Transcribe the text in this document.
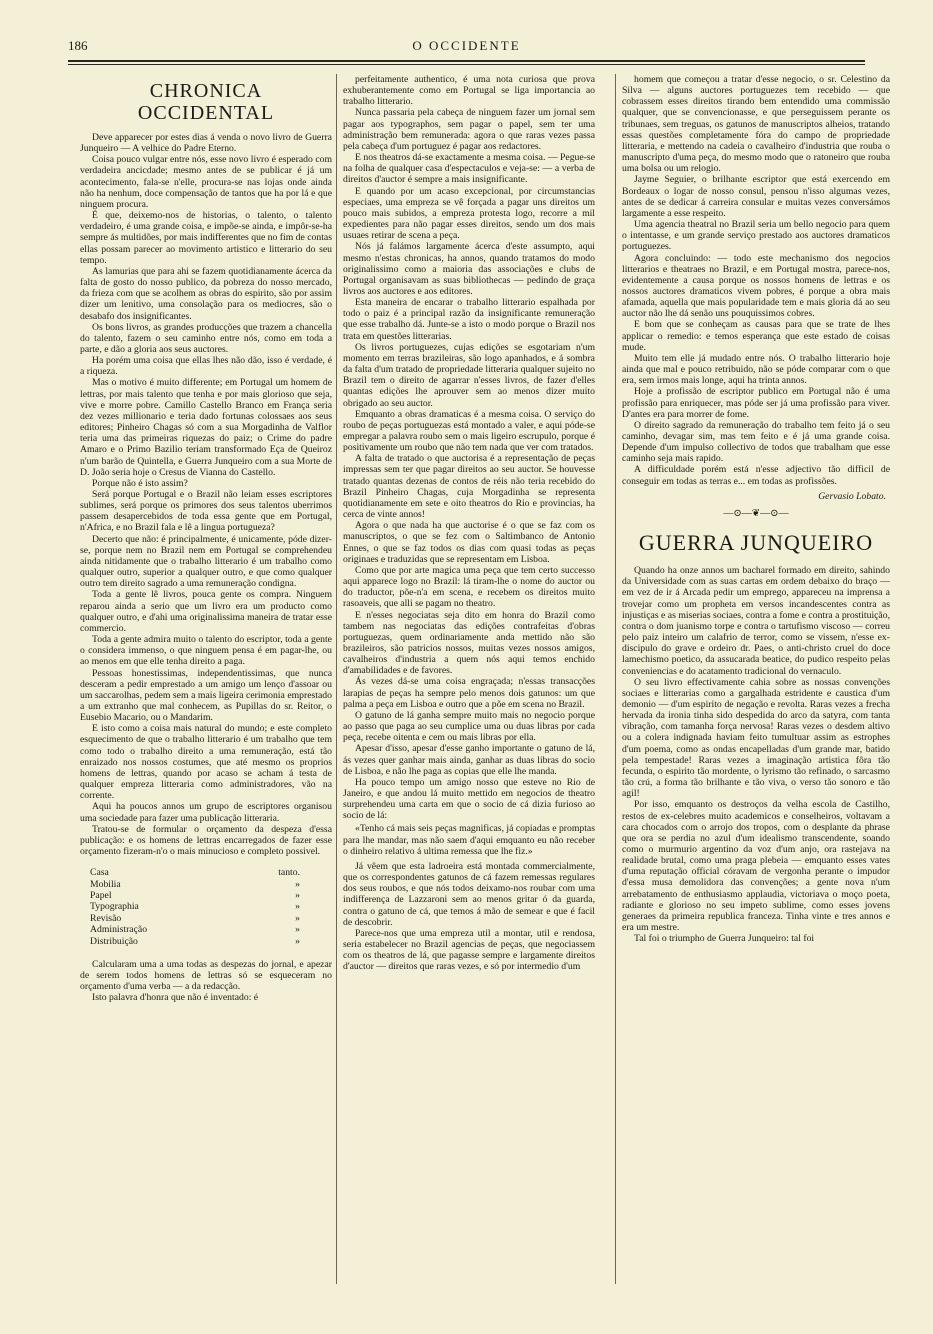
186	O OCCIDENTE
CHRONICA OCCIDENTAL

Deve apparecer por estes dias á venda o novo livro de Guerra Junqueiro — A velhice do Padre Eterno.

Coisa pouco vulgar entre nós, esse novo livro é esperado com verdadeira ancicdade; mesmo antes de se publicar é já um acontecimento, fala-se n'elle, procura-se nas lojas onde ainda não ha nenhum, doce compensação de tantos que ha por lá e que ninguem procura.

É que, deixemo-nos de historias, o talento, o talento verdadeiro, é uma grande coisa, e impõe-se ainda, e impôr-se-ha sempre ás multidões, por mais indifferentes que no fim de contas ellas possam parecer ao movimento artistico e litterario do seu tempo.

As lamurias que para ahi se fazem quotidianamente ácerca da falta de gosto do nosso publico, da pobreza do nosso mercado, da frieza com que se acolhem as obras do espirito, são por assim dizer um lenitivo, uma consolação para os mediocres, são o desabafo dos insignificantes.

Os bons livros, as grandes producções que trazem a chancella do talento, fazem o seu caminho entre nós, como em toda a parte, e dão a gloria aos seus auctores.

Ha porém uma coisa que ellas lhes não dão, isso é verdade, é a riqueza.

Mas o motivo é muito differente; em Portugal um homem de lettras, por mais talento que tenha e por mais glorioso que seja, vive e morre pobre. Camillo Castello Branco em França seria dez vezes millionario e teria dado fortunas colossaes aos seus editores; Pinheiro Chagas só com a sua Morgadinha de Valflor teria uma das primeiras riquezas do paiz; o Crime do padre Amaro e o Primo Bazilio teriam transformado Eça de Queiroz n'um barão de Quintella, e Guerra Junqueiro com a sua Morte de D. João seria hoje o Cresus de Vianna do Castello.

Porque não é isto assim?

Será porque Portugal e o Brazil não leiam esses escriptores sublimes, será porque os primores dos seus talentos uberrimos passem desapercebidos de toda essa gente que em Portugal, n'Africa, e no Brazil fala e lê a lingua portugueza?

Decerto que não: é principalmente, é unicamente, póde dizer-se, porque nem no Brazil nem em Portugal se comprehendeu ainda nitidamente que o trabalho litterario é um trabalho como qualquer outro, superior a qualquer outro, e que como qualquer outro tem direito sagrado a uma remuneração condigna.

Toda a gente lê livros, pouca gente os compra. Ninguem reparou ainda a serio que um livro era um producto como qualquer outro, e d'ahi uma originalissima maneira de tratar esse commercio.

Toda a gente admira muito o talento do escriptor, toda a gente o considera immenso, o que ninguem pensa é em pagar-lhe, ou ao menos em que elle tenha direito a paga.

Pessoas honestissimas, independentissimas, que nunca desceram a pedir emprestado a um amigo um lenço d'assoar ou um saccarolhas, pedem sem a mais ligeira cerimonia emprestado a um extranho que mal conhecem, as Pupillas do sr. Reitor, o Eusebio Macario, ou o Mandarim.

E isto como a coisa mais natural do mundo; e este completo esquecimento de que o trabalho litterario é um trabalho que tem como todo o trabalho direito a uma remuneração, está tão enraizado nos nossos costumes, que até mesmo os proprios homens de lettras, quando por acaso se acham á testa de qualquer empreza litteraria como administradores, vão na corrente.

Aqui ha poucos annos um grupo de escriptores organisou uma sociedade para fazer uma publicação litteraria.

Tratou-se de formular o orçamento da despeza d'essa publicação: e os homens de lettras encarregados de fazer esse orçamento fizeram-n'o o mais minucioso e completo possivel.

Casa	tanto.
Mobilia	»
Papel	»
Typographia	»
Revisão	»
Administração	»
Distribuição	»

Calcularam uma a uma todas as despezas do jornal, e apezar de serem todos homens de lettras só se esqueceram no orçamento d'uma verba — a da redacção.

Isto palavra d'honra que não é inventado: é

perfeitamente authentico, é uma nota curiosa que prova exhuberantemente como em Portugal se liga importancia ao trabalho litterario.

Nunca passaria pela cabeça de ninguem fazer um jornal sem pagar aos typographos, sem pagar o papel, sem ter uma administração bem remunerada: agora o que raras vezes passa pela cabeça d'um portuguez é pagar aos redactores.

E nos theatros dá-se exactamente a mesma coisa. — Pegue-se na folha de qualquer casa d'espectaculos e veja-se: — a verba de direitos d'auctor é sempre a mais insignificante.

E quando por um acaso excepcional, por circumstancias especiaes, uma empreza se vê forçada a pagar uns direitos um pouco mais subidos, a empreza protesta logo, recorre a mil expedientes para não pagar esses direitos, sendo um dos mais usuaes retirar de scena a peça.

Nós já falámos largamente ácerca d'este assumpto, aqui mesmo n'estas chronicas, ha annos, quando tratamos do modo originalissimo como a maioria das associações e clubs de Portugal organisavam as suas bibliothecas — pedindo de graça livros aos auctores e aos editores.

Esta maneira de encarar o trabalho litterario espalhada por todo o paiz é a principal razão da insignificante remuneração que esse trabalho dá. Junte-se a isto o modo porque o Brazil nos trata em questões litterarias.

Os livros portuguezes, cujas edições se esgotariam n'um momento em terras brazileiras, são logo apanhados, e á sombra da falta d'um tratado de propriedade litteraria qualquer sujeito no Brazil tem o direito de agarrar n'esses livros, de fazer d'elles quantas edições lhe aprouver sem ao menos dizer muito obrigado ao seu auctor.

Emquanto a obras dramaticas é a mesma coisa. O serviço do roubo de peças portuguezas está montado a valer, e aqui póde-se empregar a palavra roubo sem o mais ligeiro escrupulo, porque é positivamente um roubo que não tem nada que ver com tratados.

A falta de tratado o que auctorisa é a representação de peças impressas sem ter que pagar direitos ao seu auctor. Se houvesse tratado quantas dezenas de contos de réis não teria recebido do Brazil Pinheiro Chagas, cuja Morgadinha se representa quotidianamente em sete e oito theatros do Rio e provincias, ha cerca de vinte annos!

Agora o que nada ha que auctorise é o que se faz com os manuscriptos, o que se fez com o Saltimbanco de Antonio Ennes, o que se faz todos os dias com quasi todas as peças originaes e traduzidas que se representam em Lisboa.

Como que por arte magica uma peça que tem certo successo aqui apparece logo no Brazil: lá tiram-lhe o nome do auctor ou do traductor, põe-n'a em scena, e recebem os direitos muito rasoaveis, que alli se pagam no theatro.

E n'esses negociatas seja dito em honra do Brazil como tambem nas negociatas das edições contrafeitas d'obras portuguezas, quem ordinariamente anda mettido não são brazileiros, são patricios nossos, muitas vezes nossos amigos, cavalheiros d'industria a quem nós aqui temos enchido d'amabilidades e de favores.

Ás vezes dá-se uma coisa engraçada; n'essas transacções larapias de peças ha sempre pelo menos dois gatunos: um que palma a peça em Lisboa e outro que a põe em scena no Brazil.

O gatuno de lá ganha sempre muito mais no negocio porque ao passo que paga ao seu cumplice uma ou duas libras por cada peça, recebe oitenta e cem ou mais libras por ella.

Apesar d'isso, apesar d'esse ganho importante o gatuno de lá, ás vezes quer ganhar mais ainda, ganhar as duas libras do socio de Lisboa, e não lhe paga as copias que elle lhe manda.

Ha pouco tempo um amigo nosso que esteve no Rio de Janeiro, e que andou lá muito mettido em negocios de theatro surprehendeu uma carta em que o socio de cá dizia furioso ao socio de lá:

«Tenho cá mais seis peças magnificas, já copiadas e promptas para lhe mandar, mas não saem d'aqui emquanto eu não receber o dinheiro relativo á ultima remessa que lhe fiz.»

Já vêem que esta ladroeira está montada commercialmente, que os correspondentes gatunos de cá fazem remessas regulares dos seus roubos, e que nós todos deixamo-nos roubar com uma indifferença de Lazzaroni sem ao menos gritar ó da guarda, contra o gatuno de cá, que temos á mão de semear e que é facil de descobrir.

Parece-nos que uma empreza util a montar, util e rendosa, seria estabelecer no Brazil agencias de peças, que negociassem com os theatros de lá, que pagasse sempre e largamente direitos d'auctor — direitos que raras vezes, e só por intermedio d'um

homem que começou a tratar d'esse negocio, o sr. Celestino da Silva — alguns auctores portuguezes tem recebido — que cobrassem esses direitos tirando bem entendido uma commissão qualquer, que se convencionasse, e que perseguissem perante os tribunaes, sem treguas, os gatunos de manuscriptos alheios, tratando essas questões completamente fóra do campo de propriedade litteraria, e mettendo na cadeia o cavalheiro d'industria que rouba o manuscripto d'uma peça, do mesmo modo que o ratoneiro que rouba uma bolsa ou um relogio.

Jayme Seguier, o brilhante escriptor que está exercendo em Bordeaux o logar de nosso consul, pensou n'isso algumas vezes, antes de se dedicar á carreira consular e muitas vezes conversámos largamente a esse respeito.

Uma agencia theatral no Brazil seria um bello negocio para quem o intentasse, e um grande serviço prestado aos auctores dramaticos portuguezes.

Agora concluindo: — todo este mechanismo dos negocios litterarios e theatraes no Brazil, e em Portugal mostra, parece-nos, evidentemente a causa porque os nossos homens de lettras e os nossos auctores dramaticos vivem pobres, é porque a obra mais afamada, aquella que mais popularidade tem e mais gloria dá ao seu auctor não lhe dá senão uns pouquissimos cobres.

E bom que se conheçam as causas para que se trate de lhes applicar o remedio: e temos esperança que este estado de coisas mude.

Muito tem elle já mudado entre nós. O trabalho litterario hoje ainda que mal e pouco retribuido, não se póde comparar com o que era, sem irmos mais longe, aqui ha trinta annos.

Hoje a profissão de escriptor publico em Portugal não é uma profissão para enriquecer, mas póde ser já uma profissão para viver. D'antes era para morrer de fome.

O direito sagrado da remuneração do trabalho tem feito já o seu caminho, devagar sim, mas tem feito e é já uma grande coisa. Depende d'um impulso collectivo de todos que trabalham que esse caminho seja mais rapido.

A difficuldade porém está n'esse adjectivo tão difficil de conseguir em todas as terras e... em todas as profissões.

Gervasio Lobato.
—⊙—❦—⊙—
GUERRA JUNQUEIRO

Quando ha onze annos um bacharel formado em direito, sahindo da Universidade com as suas cartas em ordem debaixo do braço — em vez de ir á Arcada pedir um emprego, appareceu na imprensa a trovejar como um propheta em versos incandescentes contra as injustiças e as miserias sociaes, contra a fome e contra a prostituição, contra o dom juanismo torpe e contra o tartufismo viscoso — correu pelo paiz inteiro um calafrio de terror, como se vissem, n'esse ex-discipulo do grave e ordeiro dr. Paes, o anti-christo cruel do doce lamechismo poetico, da assucarada beatice, do pudico respeito pelas conveniencias e do acatamento tradicional do vernaculo.

O seu livro effectivamente cahia sobre as nossas convenções sociaes e litterarias como a gargalhada estridente e caustica d'um demonio — d'um espirito de negação e revolta. Raras vezes a frecha hervada da ironia tinha sido despedida do arco da satyra, com tanta vibração, com tamanha força nervosa! Raras vezes o desdem altivo ou a colera indignada haviam feito tumultuar assim as estrophes d'um poema, como as ondas encapelladas d'um grande mar, batido pela tempestade! Raras vezes a imaginação artistica fôra tão fecunda, o espirito tão mordente, o lyrismo tão refinado, o sarcasmo tão crú, a forma tão brilhante e tão viva, o verso tão sonoro e tão agil!

Por isso, emquanto os destroços da velha escola de Castilho, restos de ex-celebres muito academicos e conselheiros, voltavam a cara chocados com o arrojo dos tropos, com o desplante da phrase que ora se perdia no azul d'um idealismo transcendente, soando como o murmurio argentino da voz d'um anjo, ora rastejava na realidade brutal, como uma praga plebeia — emquanto esses vates d'uma reputação official córavam de vergonha perante o impudor d'essa musa demolidora das convenções; a gente nova n'um arrebatamento de enthusiasmo applaudia, victoriava o moço poeta, radiante e glorioso no seu impeto sublime, como esses jovens generaes da primeira republica franceza. Tinha vinte e tres annos e era um mestre.

Tal foi o triumpho de Guerra Junqueiro: tal foi
